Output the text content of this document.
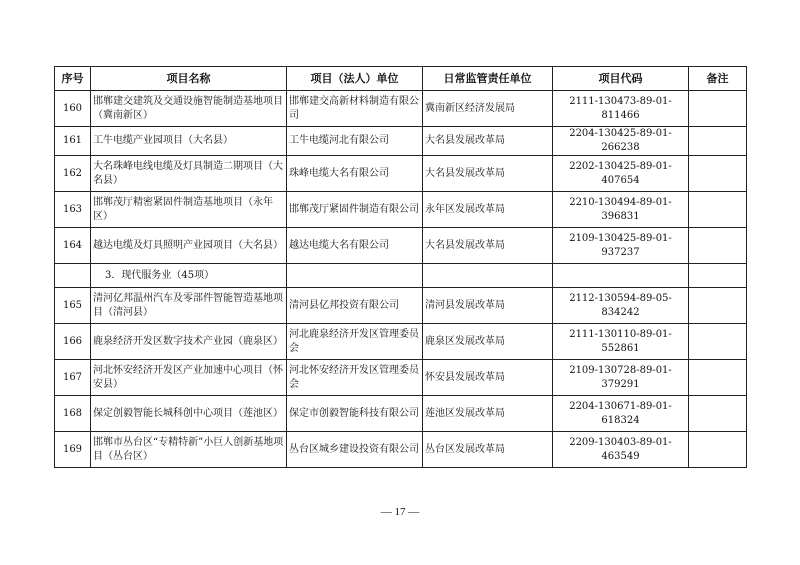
序号	项目名称	项目（法人）单位	日常监管责任单位	项目代码	备注
160	邯郸建交建筑及交通设施智能制造基地项目（冀南新区）	邯郸建交高新材料制造有限公司	冀南新区经济发展局	2111-130473-89-01-811466	
161	工牛电缆产业园项目（大名县）	工牛电缆河北有限公司	大名县发展改革局	2204-130425-89-01-266238	
162	大名珠峰电线电缆及灯具制造二期项目（大名县）	珠峰电缆大名有限公司	大名县发展改革局	2202-130425-89-01-407654	
163	邯郸茂厅精密紧固件制造基地项目（永年区）	邯郸茂厅紧固件制造有限公司	永年区发展改革局	2210-130494-89-01-396831	
164	越达电缆及灯具照明产业园项目（大名县）	越达电缆大名有限公司	大名县发展改革局	2109-130425-89-01-937237	
	3．现代服务业（45项）				
165	清河亿邦温州汽车及零部件智能智造基地项目（清河县）	清河县亿邦投资有限公司	清河县发展改革局	2112-130594-89-05-834242	
166	鹿泉经济开发区数字技术产业园（鹿泉区）	河北鹿泉经济开发区管理委员会	鹿泉区发展改革局	2111-130110-89-01-552861	
167	河北怀安经济开发区产业加速中心项目（怀安县）	河北怀安经济开发区管理委员会	怀安县发展改革局	2109-130728-89-01-379291	
168	保定创毅智能长城科创中心项目（莲池区）	保定市创毅智能科技有限公司	莲池区发展改革局	2204-130671-89-01-618324	
169	邯郸市丛台区“专精特新”小巨人创新基地项目（丛台区）	丛台区城乡建设投资有限公司	丛台区发展改革局	2209-130403-89-01-463549	
— 17 —
